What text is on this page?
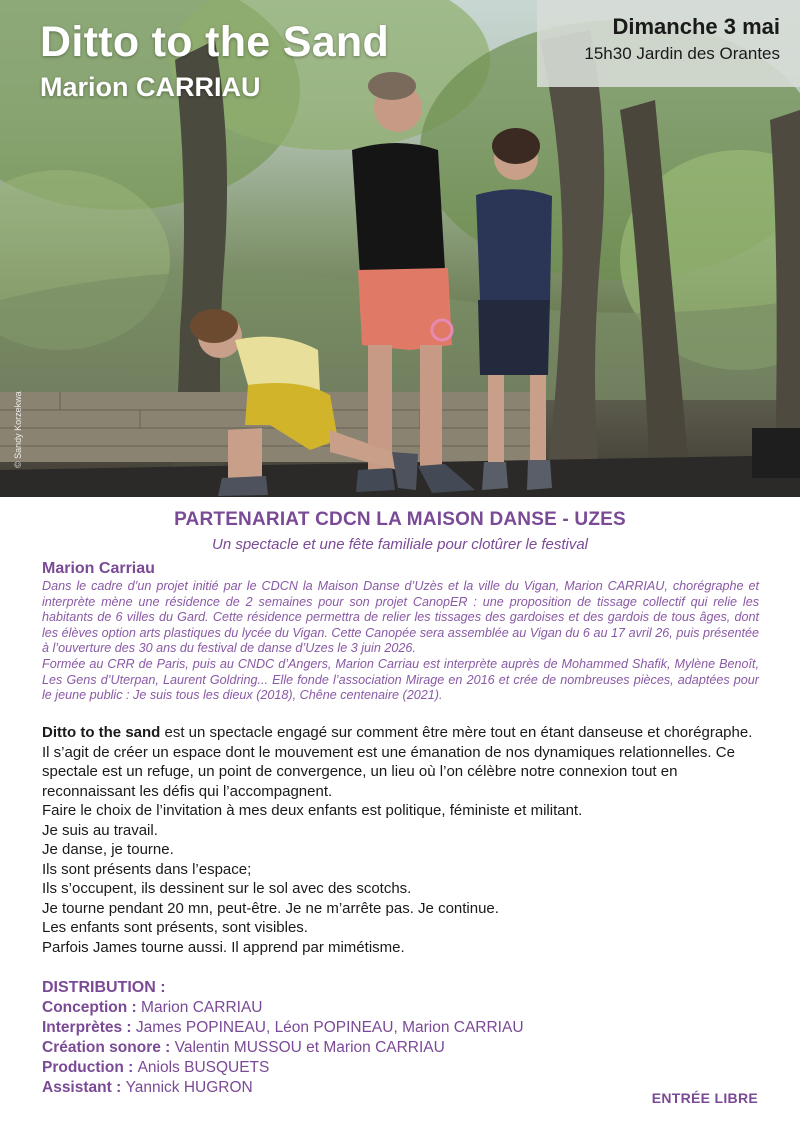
Ditto to the Sand
Marion CARRIAU
Dimanche 3 mai
15h30 Jardin des Orantes
© Sandy Korzekwa
PARTENARIAT CDCN LA MAISON DANSE - UZES
Un spectacle et une fête familiale pour clotûrer le festival
Marion Carriau

Dans le cadre d’un projet initié par le CDCN la Maison Danse d’Uzès et la ville du Vigan, Marion CARRIAU, chorégraphe et interprète mène une résidence de 2 semaines pour son projet CanopER : une proposition de tissage collectif qui relie les habitants de 6 villes du Gard. Cette résidence permettra de relier les tissages des gardoises et des gardois de tous âges, dont les élèves option arts plastiques du lycée du Vigan. Cette Canopée sera assemblée au Vigan du 6 au 17 avril 26, puis présentée à l’ouverture des 30 ans du festival de danse d’Uzes le 3 juin 2026.

Formée au CRR de Paris, puis au CNDC d’Angers, Marion Carriau est interprète auprès de Mohammed Shafik, Mylène Benoît, Les Gens d’Uterpan, Laurent Goldring... Elle fonde l’association Mirage en 2016 et crée de nombreuses pièces, adaptées pour le jeune public : Je suis tous les dieux (2018), Chêne centenaire (2021).

Ditto to the sand est un spectacle engagé sur comment être mère tout en étant danseuse et chorégraphe. Il s’agit de créer un espace dont le mouvement est une émanation de nos dynamiques relationnelles. Ce spectale est un refuge, un point de convergence, un lieu où l’on célèbre notre connexion tout en reconnaissant les défis qui l’accompagnent.

Faire le choix de l’invitation à mes deux enfants est politique, féministe et militant.

Je suis au travail.

Je danse, je tourne.

Ils sont présents dans l’espace;

Ils s’occupent, ils dessinent sur le sol avec des scotchs.

Je tourne pendant 20 mn, peut-être. Je ne m’arrête pas. Je continue.

Les enfants sont présents, sont visibles.

Parfois James tourne aussi. Il apprend par mimétisme.

DISTRIBUTION :
Conception : Marion CARRIAU
Interprètes : James POPINEAU, Léon POPINEAU, Marion CARRIAU
Création sonore : Valentin MUSSOU et Marion CARRIAU
Production : Aniols BUSQUETS
Assistant : Yannick HUGRON
ENTRÉE LIBRE
